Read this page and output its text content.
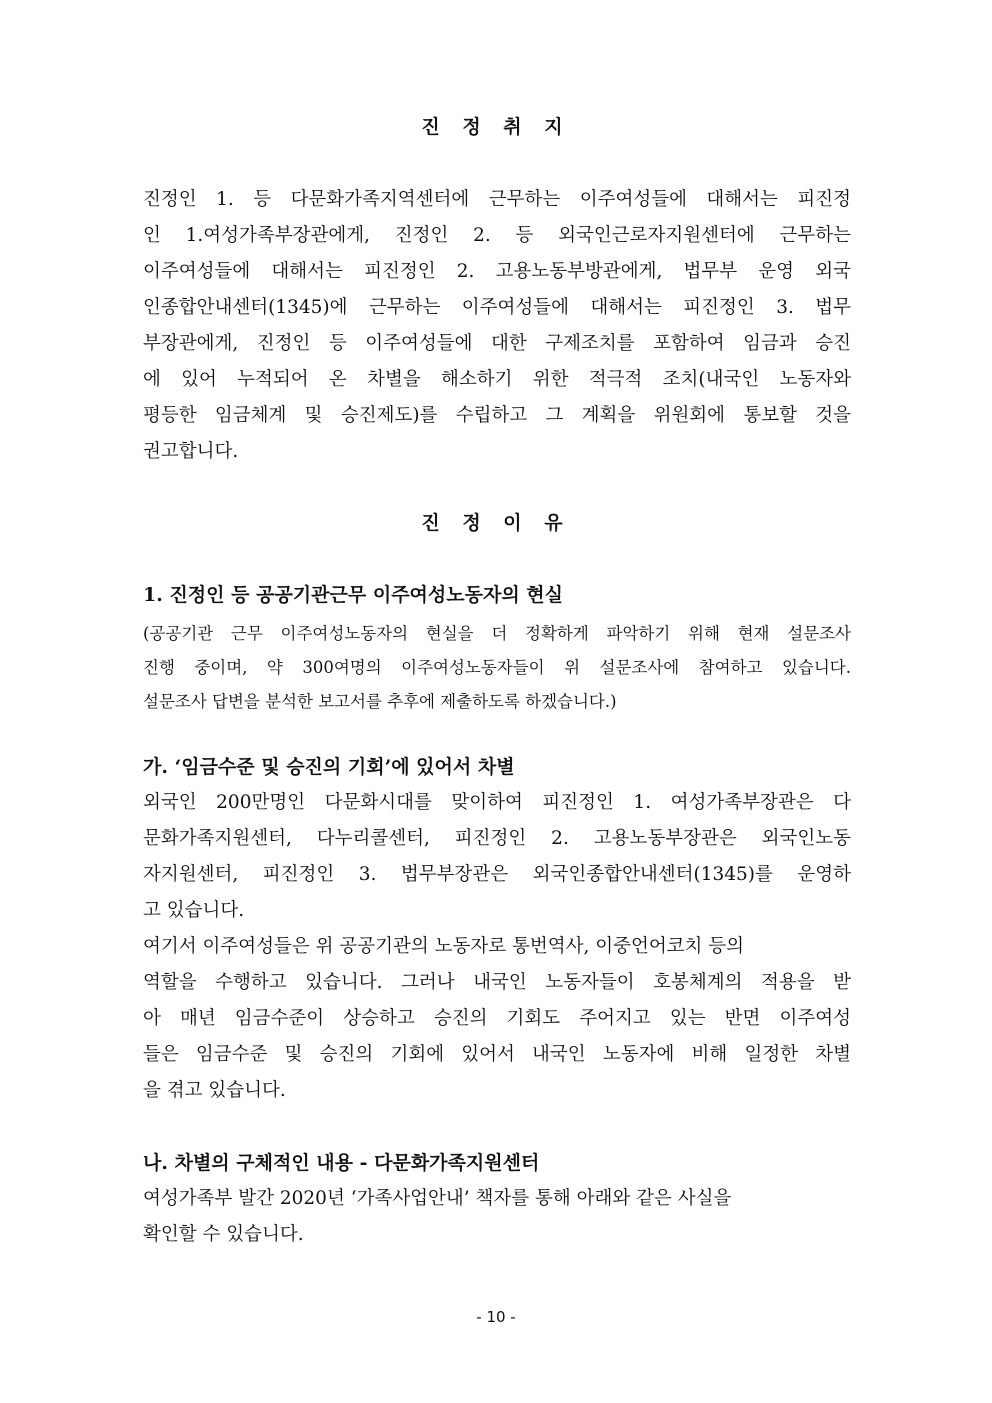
진 정 취 지
진정인 1. 등 다문화가족지역센터에 근무하는 이주여성들에 대해서는 피진정
인 1.여성가족부장관에게, 진정인 2. 등 외국인근로자지원센터에 근무하는
이주여성들에 대해서는 피진정인 2. 고용노동부방관에게, 법무부 운영 외국
인종합안내센터(1345)에 근무하는 이주여성들에 대해서는 피진정인 3. 법무
부장관에게, 진정인 등 이주여성들에 대한 구제조치를 포함하여 임금과 승진
에 있어 누적되어 온 차별을 해소하기 위한 적극적 조치(내국인 노동자와
평등한 임금체계 및 승진제도)를 수립하고 그 계획을 위원회에 통보할 것을
권고합니다.
진 정 이 유
1. 진정인 등 공공기관근무 이주여성노동자의 현실
(공공기관 근무 이주여성노동자의 현실을 더 정확하게 파악하기 위해 현재 설문조사
진행 중이며, 약 300여명의 이주여성노동자들이 위 설문조사에 참여하고 있습니다.
설문조사 답변을 분석한 보고서를 추후에 제출하도록 하겠습니다.)
가. ‘임금수준 및 승진의 기회’에 있어서 차별
외국인 200만명인 다문화시대를 맞이하여 피진정인 1. 여성가족부장관은 다
문화가족지원센터, 다누리콜센터, 피진정인 2. 고용노동부장관은 외국인노동
자지원센터, 피진정인 3. 법무부장관은 외국인종합안내센터(1345)를 운영하
고 있습니다.
여기서 이주여성들은 위 공공기관의 노동자로 통번역사, 이중언어코치 등의
역할을 수행하고 있습니다. 그러나 내국인 노동자들이 호봉체계의 적용을 받
아 매년 임금수준이 상승하고 승진의 기회도 주어지고 있는 반면 이주여성
들은 임금수준 및 승진의 기회에 있어서 내국인 노동자에 비해 일정한 차별
을 겪고 있습니다.
나. 차별의 구체적인 내용 - 다문화가족지원센터
여성가족부 발간 2020년 ‘가족사업안내’ 책자를 통해 아래와 같은 사실을
확인할 수 있습니다.
- 10 -
